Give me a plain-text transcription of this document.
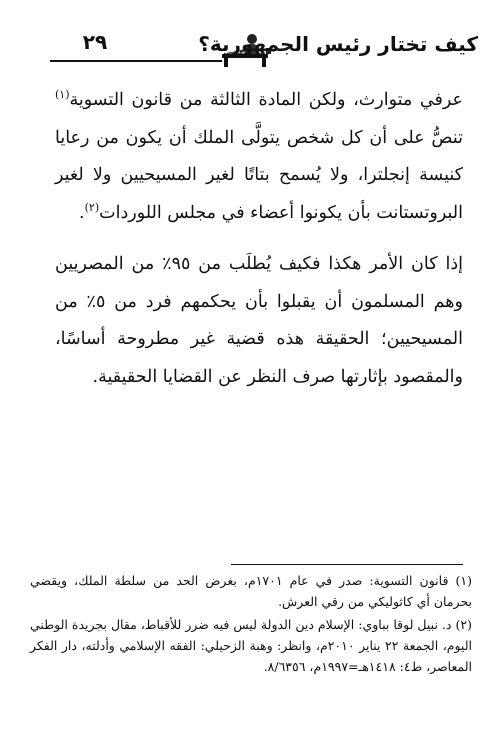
٢٩	كيف تختار رئيس الجمهورية؟

عرفي متوارث، ولكن المادة الثالثة من قانون التسوية$^{(١)}$ تنصُّ على أن كل شخص يتولَّى الملك أن يكون من رعايا كنيسة إنجلترا، ولا يُسمح بتاتًا لغير المسيحيين ولا لغير البروتستانت بأن يكونوا أعضاء في مجلس اللوردات$^{(٢)}$.

إذا كان الأمر هكذا فكيف يُطلَب من ٩٥٪ من المصريين وهم المسلمون أن يقبلوا بأن يحكمهم فرد من ٥٪ من المسيحيين؛ الحقيقة هذه قضية غير مطروحة أساسًا، والمقصود بإثارتها صرف النظر عن القضايا الحقيقية.

(١) قانون التسوية: صدر في عام ١٧٠١م، بغرض الحد من سلطة الملك، ويقضي بحرمان أي كاثوليكي من رقي العرش.

(٢) د. نبيل لوقا بباوي: الإسلام دين الدولة ليس فيه ضرر للأقباط، مقال بجريدة الوطني اليوم، الجمعة ٢٢ يناير ٢٠١٠م، وانظر: وهبة الزحيلي: الفقه الإسلامي وأدلته، دار الفكر المعاصر، ط٤: ١٤١٨هـ=١٩٩٧م، ٨/٦٣٥٦.
